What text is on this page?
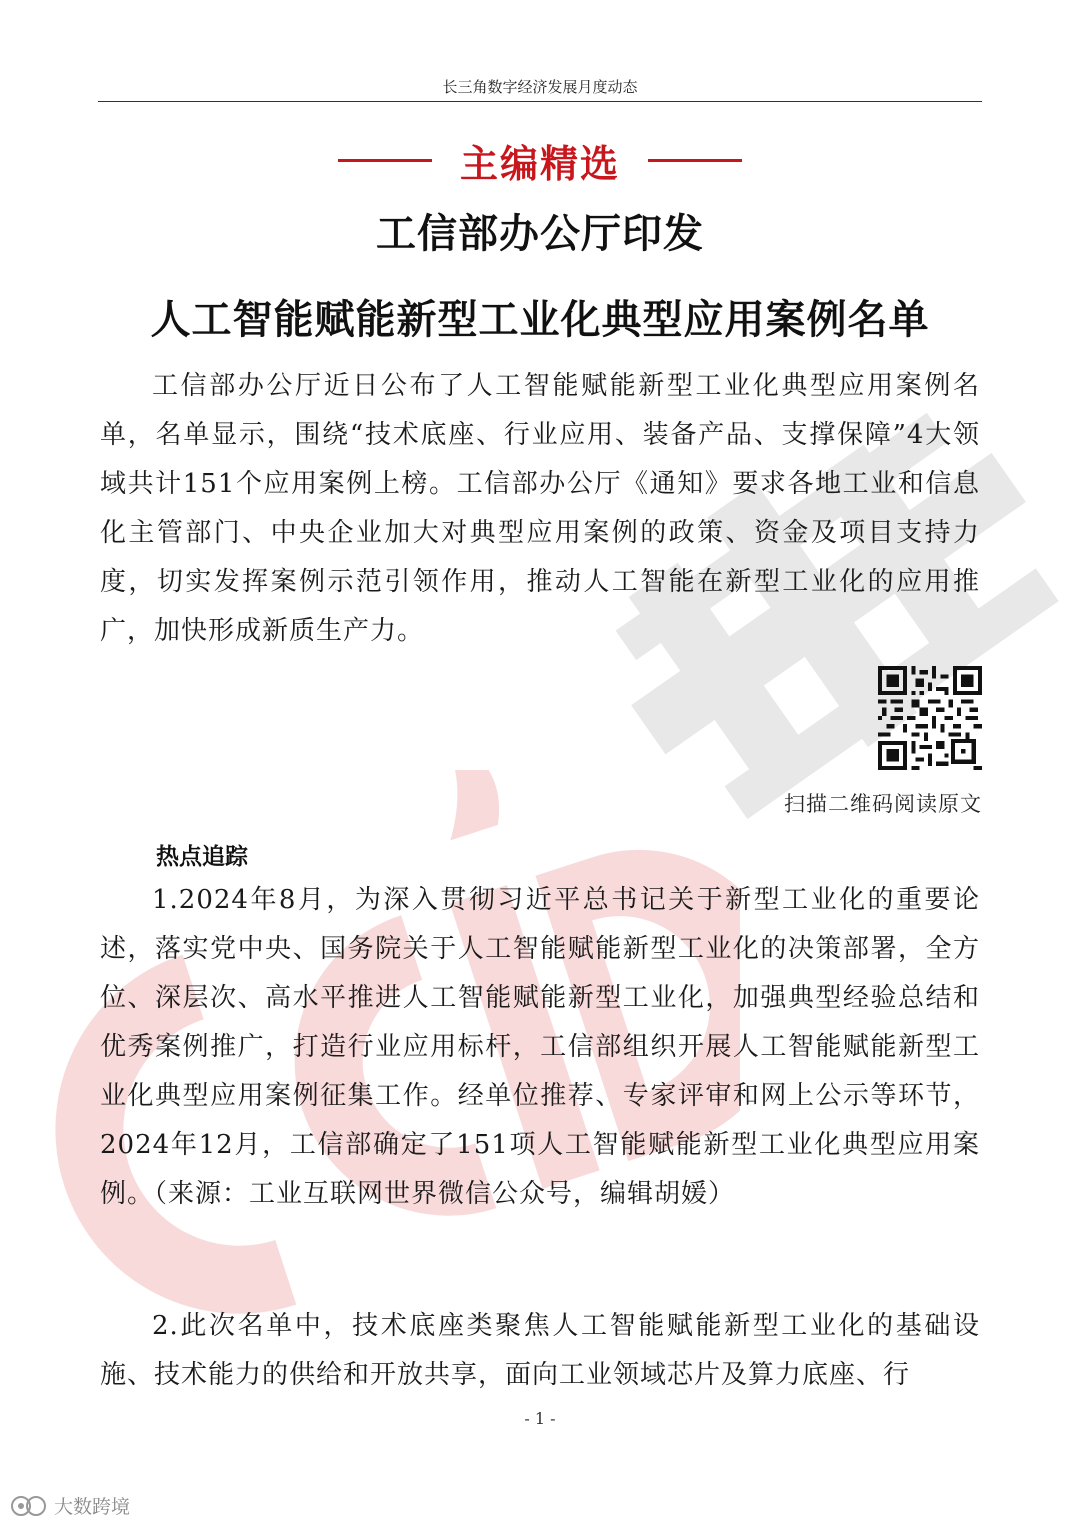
长三角数字经济发展月度动态
主编精选
工信部办公厅印发
人工智能赋能新型工业化典型应用案例名单

工信部办公厅近日公布了人工智能赋能新型工业化典型应用案例名单，名单显示，围绕“技术底座、行业应用、装备产品、支撑保障”4大领域共计151个应用案例上榜。工信部办公厅《通知》要求各地工业和信息化主管部门、中央企业加大对典型应用案例的政策、资金及项目支持力度，切实发挥案例示范引领作用，推动人工智能在新型工业化的应用推广，加快形成新质生产力。

扫描二维码阅读原文
热点追踪

1.2024年8月，为深入贯彻习近平总书记关于新型工业化的重要论述，落实党中央、国务院关于人工智能赋能新型工业化的决策部署，全方位、深层次、高水平推进人工智能赋能新型工业化，加强典型经验总结和优秀案例推广，打造行业应用标杆，工信部组织开展人工智能赋能新型工业化典型应用案例征集工作。经单位推荐、专家评审和网上公示等环节，2024年12月，工信部确定了151项人工智能赋能新型工业化典型应用案例。（来源：工业互联网世界微信公众号，编辑胡媛）

2.此次名单中，技术底座类聚焦人工智能赋能新型工业化的基础设施、技术能力的供给和开放共享，面向工业领域芯片及算力底座、行

- 1 -
大数跨境
